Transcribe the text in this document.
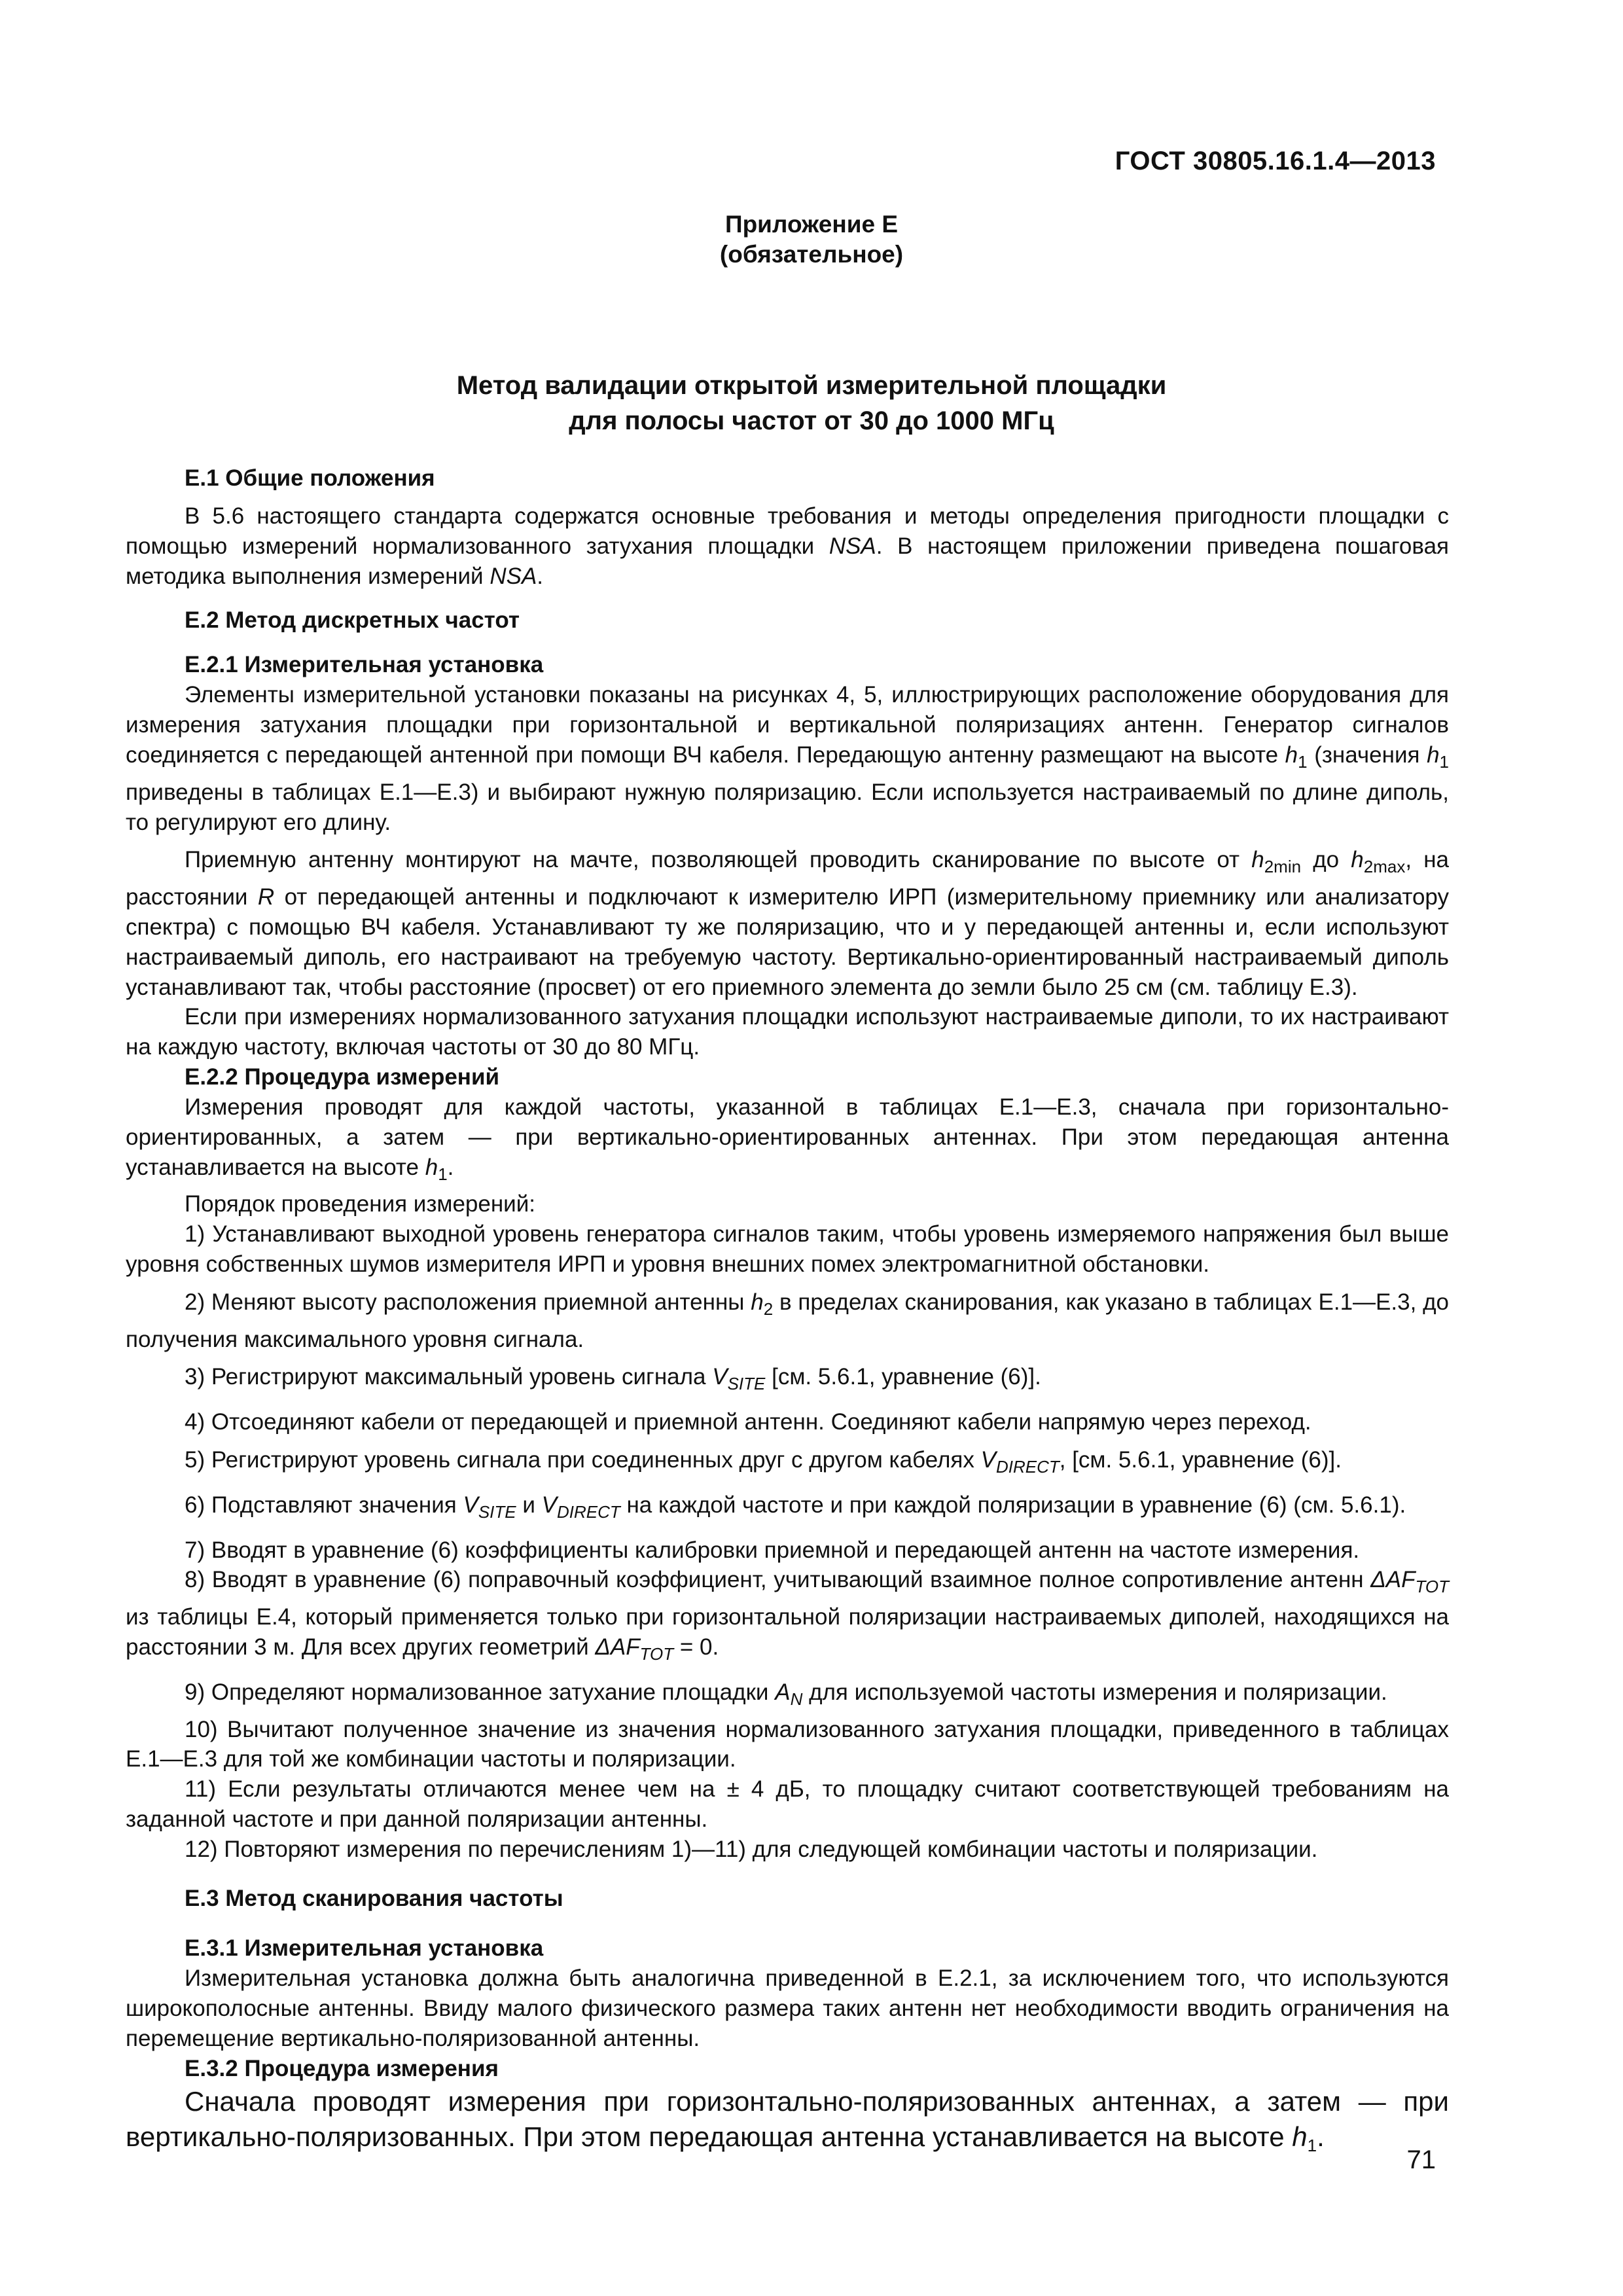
ГОСТ 30805.16.1.4—2013
Приложение Е
(обязательное)
Метод валидации открытой измерительной площадки
для полосы частот от 30 до 1000 МГц
Е.1 Общие положения

В 5.6 настоящего стандарта содержатся основные требования и методы определения пригодности площадки с помощью измерений нормализованного затухания площадки NSA. В настоящем приложении приведена пошаговая методика выполнения измерений NSA.

Е.2 Метод дискретных частот
Е.2.1 Измерительная установка

Элементы измерительной установки показаны на рисунках 4, 5, иллюстрирующих расположение оборудования для измерения затухания площадки при горизонтальной и вертикальной поляризациях антенн. Генератор сигналов соединяется с передающей антенной при помощи ВЧ кабеля. Передающую антенну размещают на высоте $h_1$ (значения $h_1$ приведены в таблицах Е.1—Е.3) и выбирают нужную поляризацию. Если используется настраиваемый по длине диполь, то регулируют его длину.

Приемную антенну монтируют на мачте, позволяющей проводить сканирование по высоте от $h_{2min}$ до $h_{2max}$, на расстоянии R от передающей антенны и подключают к измерителю ИРП (измерительному приемнику или анализатору спектра) с помощью ВЧ кабеля. Устанавливают ту же поляризацию, что и у передающей антенны и, если используют настраиваемый диполь, его настраивают на требуемую частоту. Вертикально-ориентированный настраиваемый диполь устанавливают так, чтобы расстояние (просвет) от его приемного элемента до земли было 25 см (см. таблицу Е.3).

Если при измерениях нормализованного затухания площадки используют настраиваемые диполи, то их настраивают на каждую частоту, включая частоты от 30 до 80 МГц.

Е.2.2 Процедура измерений

Измерения проводят для каждой частоты, указанной в таблицах Е.1—Е.3, сначала при горизонтально-ориентированных, а затем — при вертикально-ориентированных антеннах. При этом передающая антенна устанавливается на высоте $h_1$.

Порядок проведения измерений:

1) Устанавливают выходной уровень генератора сигналов таким, чтобы уровень измеряемого напряжения был выше уровня собственных шумов измерителя ИРП и уровня внешних помех электромагнитной обстановки.

2) Меняют высоту расположения приемной антенны $h_2$ в пределах сканирования, как указано в таблицах Е.1—Е.3, до получения максимального уровня сигнала.

3) Регистрируют максимальный уровень сигнала $V_{SITE}$ [см. 5.6.1, уравнение (6)].

4) Отсоединяют кабели от передающей и приемной антенн. Соединяют кабели напрямую через переход.

5) Регистрируют уровень сигнала при соединенных друг с другом кабелях $V_{DIRECT}$, [см. 5.6.1, уравнение (6)].

6) Подставляют значения $V_{SITE}$ и $V_{DIRECT}$ на каждой частоте и при каждой поляризации в уравнение (6) (см. 5.6.1).

7) Вводят в уравнение (6) коэффициенты калибровки приемной и передающей антенн на частоте измерения.

8) Вводят в уравнение (6) поправочный коэффициент, учитывающий взаимное полное сопротивление антенн $\Delta AF_{TOT}$ из таблицы Е.4, который применяется только при горизонтальной поляризации настраиваемых диполей, находящихся на расстоянии 3 м. Для всех других геометрий $\Delta AF_{TOT} = 0$.

9) Определяют нормализованное затухание площадки $A_N$ для используемой частоты измерения и поляризации.

10) Вычитают полученное значение из значения нормализованного затухания площадки, приведенного в таблицах Е.1—Е.3 для той же комбинации частоты и поляризации.

11) Если результаты отличаются менее чем на ± 4 дБ, то площадку считают соответствующей требованиям на заданной частоте и при данной поляризации антенны.

12) Повторяют измерения по перечислениям 1)—11) для следующей комбинации частоты и поляризации.

Е.3 Метод сканирования частоты
Е.3.1 Измерительная установка

Измерительная установка должна быть аналогична приведенной в Е.2.1, за исключением того, что используются широкополосные антенны. Ввиду малого физического размера таких антенн нет необходимости вводить ограничения на перемещение вертикально-поляризованной антенны.

Е.3.2 Процедура измерения

Сначала проводят измерения при горизонтально-поляризованных антеннах, а затем — при вертикально-поляризованных. При этом передающая антенна устанавливается на высоте $h_1$.

71
